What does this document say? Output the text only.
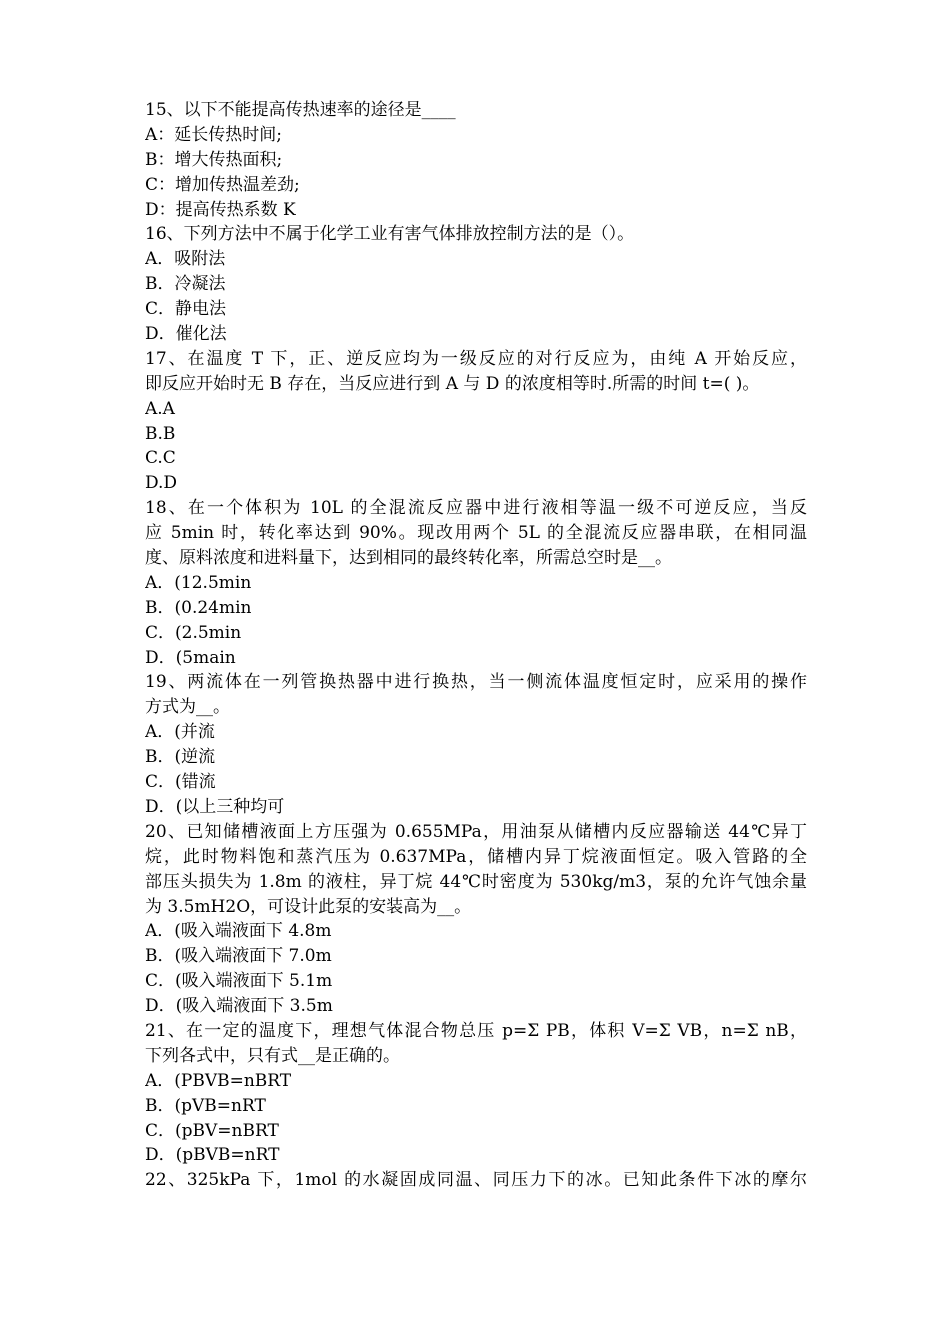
15、以下不能提高传热速率的途径是____
A：延长传热时间;
B：增大传热面积;
C：增加传热温差劲;
D：提高传热系数 K
16、下列方法中不属于化学工业有害气体排放控制方法的是（）。
A．吸附法
B．冷凝法
C．静电法
D．催化法
17、在温度 T 下，正、逆反应均为一级反应的对行反应为，由纯 A 开始反应，
即反应开始时无 B 存在，当反应进行到 A 与 D 的浓度相等时.所需的时间 t=( )。
A.A
B.B
C.C
D.D
18、在一个体积为 10L 的全混流反应器中进行液相等温一级不可逆反应，当反
应 5min 时，转化率达到 90%。现改用两个 5L 的全混流反应器串联，在相同温
度、原料浓度和进料量下，达到相同的最终转化率，所需总空时是__。
A．(12.5min
B．(0.24min
C．(2.5min
D．(5main
19、两流体在一列管换热器中进行换热，当一侧流体温度恒定时，应采用的操作
方式为__。
A．(并流
B．(逆流
C．(错流
D．(以上三种均可
20、已知储槽液面上方压强为 0.655MPa，用油泵从储槽内反应器输送 44℃异丁
烷，此时物料饱和蒸汽压为 0.637MPa，储槽内异丁烷液面恒定。吸入管路的全
部压头损失为 1.8m 的液柱，异丁烷 44℃时密度为 530kg/m3，泵的允许气蚀余量
为 3.5mH2O，可设计此泵的安装高为__。
A．(吸入端液面下 4.8m
B．(吸入端液面下 7.0m
C．(吸入端液面下 5.1m
D．(吸入端液面下 3.5m
21、在一定的温度下，理想气体混合物总压 p=Σ PB，体积 V=Σ VB，n=Σ nB，
下列各式中，只有式__是正确的。
A．(PBVB=nBRT
B．(pVB=nRT
C．(pBV=nBRT
D．(pBVB=nRT
22、325kPa 下，1mol 的水凝固成同温、同压力下的冰。已知此条件下冰的摩尔
